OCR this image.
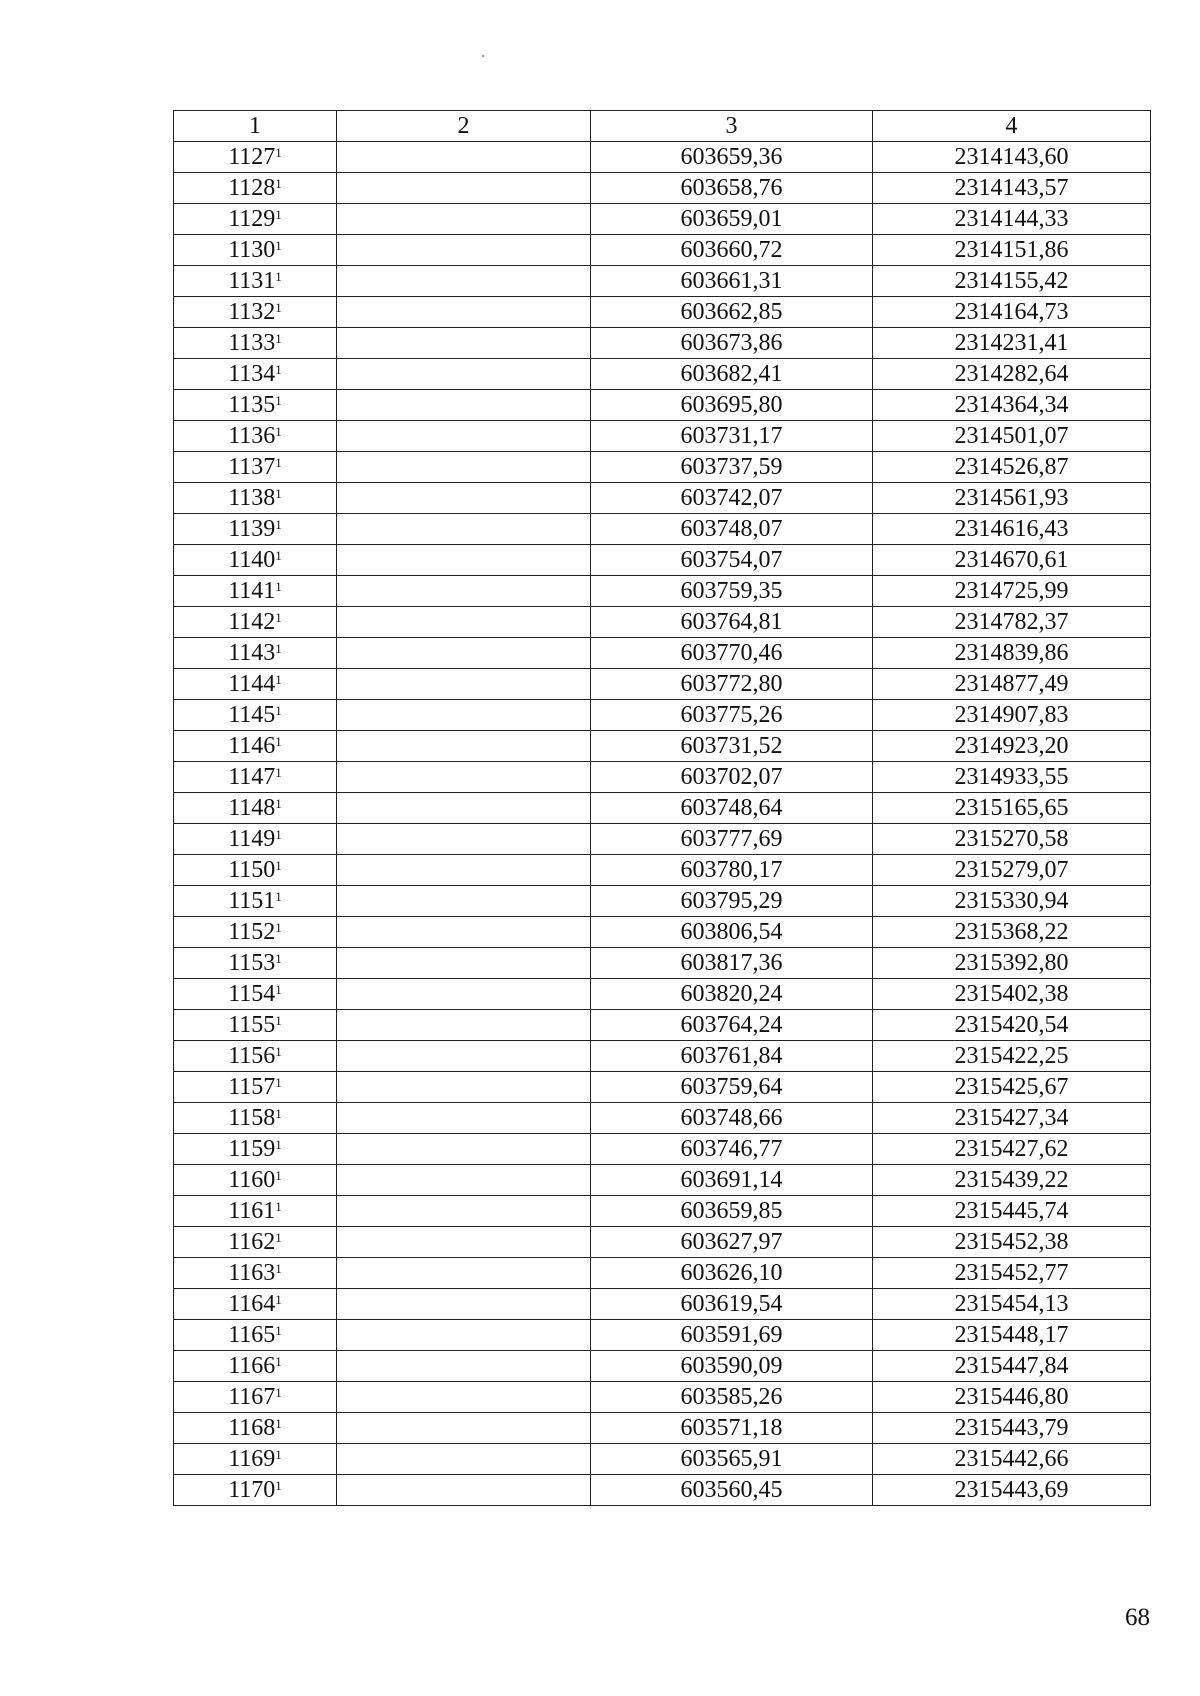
1	2	3	4
1127$^1$		603659,36	2314143,60
1128$^1$		603658,76	2314143,57
1129$^1$		603659,01	2314144,33
1130$^1$		603660,72	2314151,86
1131$^1$		603661,31	2314155,42
1132$^1$		603662,85	2314164,73
1133$^1$		603673,86	2314231,41
1134$^1$		603682,41	2314282,64
1135$^1$		603695,80	2314364,34
1136$^1$		603731,17	2314501,07
1137$^1$		603737,59	2314526,87
1138$^1$		603742,07	2314561,93
1139$^1$		603748,07	2314616,43
1140$^1$		603754,07	2314670,61
1141$^1$		603759,35	2314725,99
1142$^1$		603764,81	2314782,37
1143$^1$		603770,46	2314839,86
1144$^1$		603772,80	2314877,49
1145$^1$		603775,26	2314907,83
1146$^1$		603731,52	2314923,20
1147$^1$		603702,07	2314933,55
1148$^1$		603748,64	2315165,65
1149$^1$		603777,69	2315270,58
1150$^1$		603780,17	2315279,07
1151$^1$		603795,29	2315330,94
1152$^1$		603806,54	2315368,22
1153$^1$		603817,36	2315392,80
1154$^1$		603820,24	2315402,38
1155$^1$		603764,24	2315420,54
1156$^1$		603761,84	2315422,25
1157$^1$		603759,64	2315425,67
1158$^1$		603748,66	2315427,34
1159$^1$		603746,77	2315427,62
1160$^1$		603691,14	2315439,22
1161$^1$		603659,85	2315445,74
1162$^1$		603627,97	2315452,38
1163$^1$		603626,10	2315452,77
1164$^1$		603619,54	2315454,13
1165$^1$		603591,69	2315448,17
1166$^1$		603590,09	2315447,84
1167$^1$		603585,26	2315446,80
1168$^1$		603571,18	2315443,79
1169$^1$		603565,91	2315442,66
1170$^1$		603560,45	2315443,69
68
